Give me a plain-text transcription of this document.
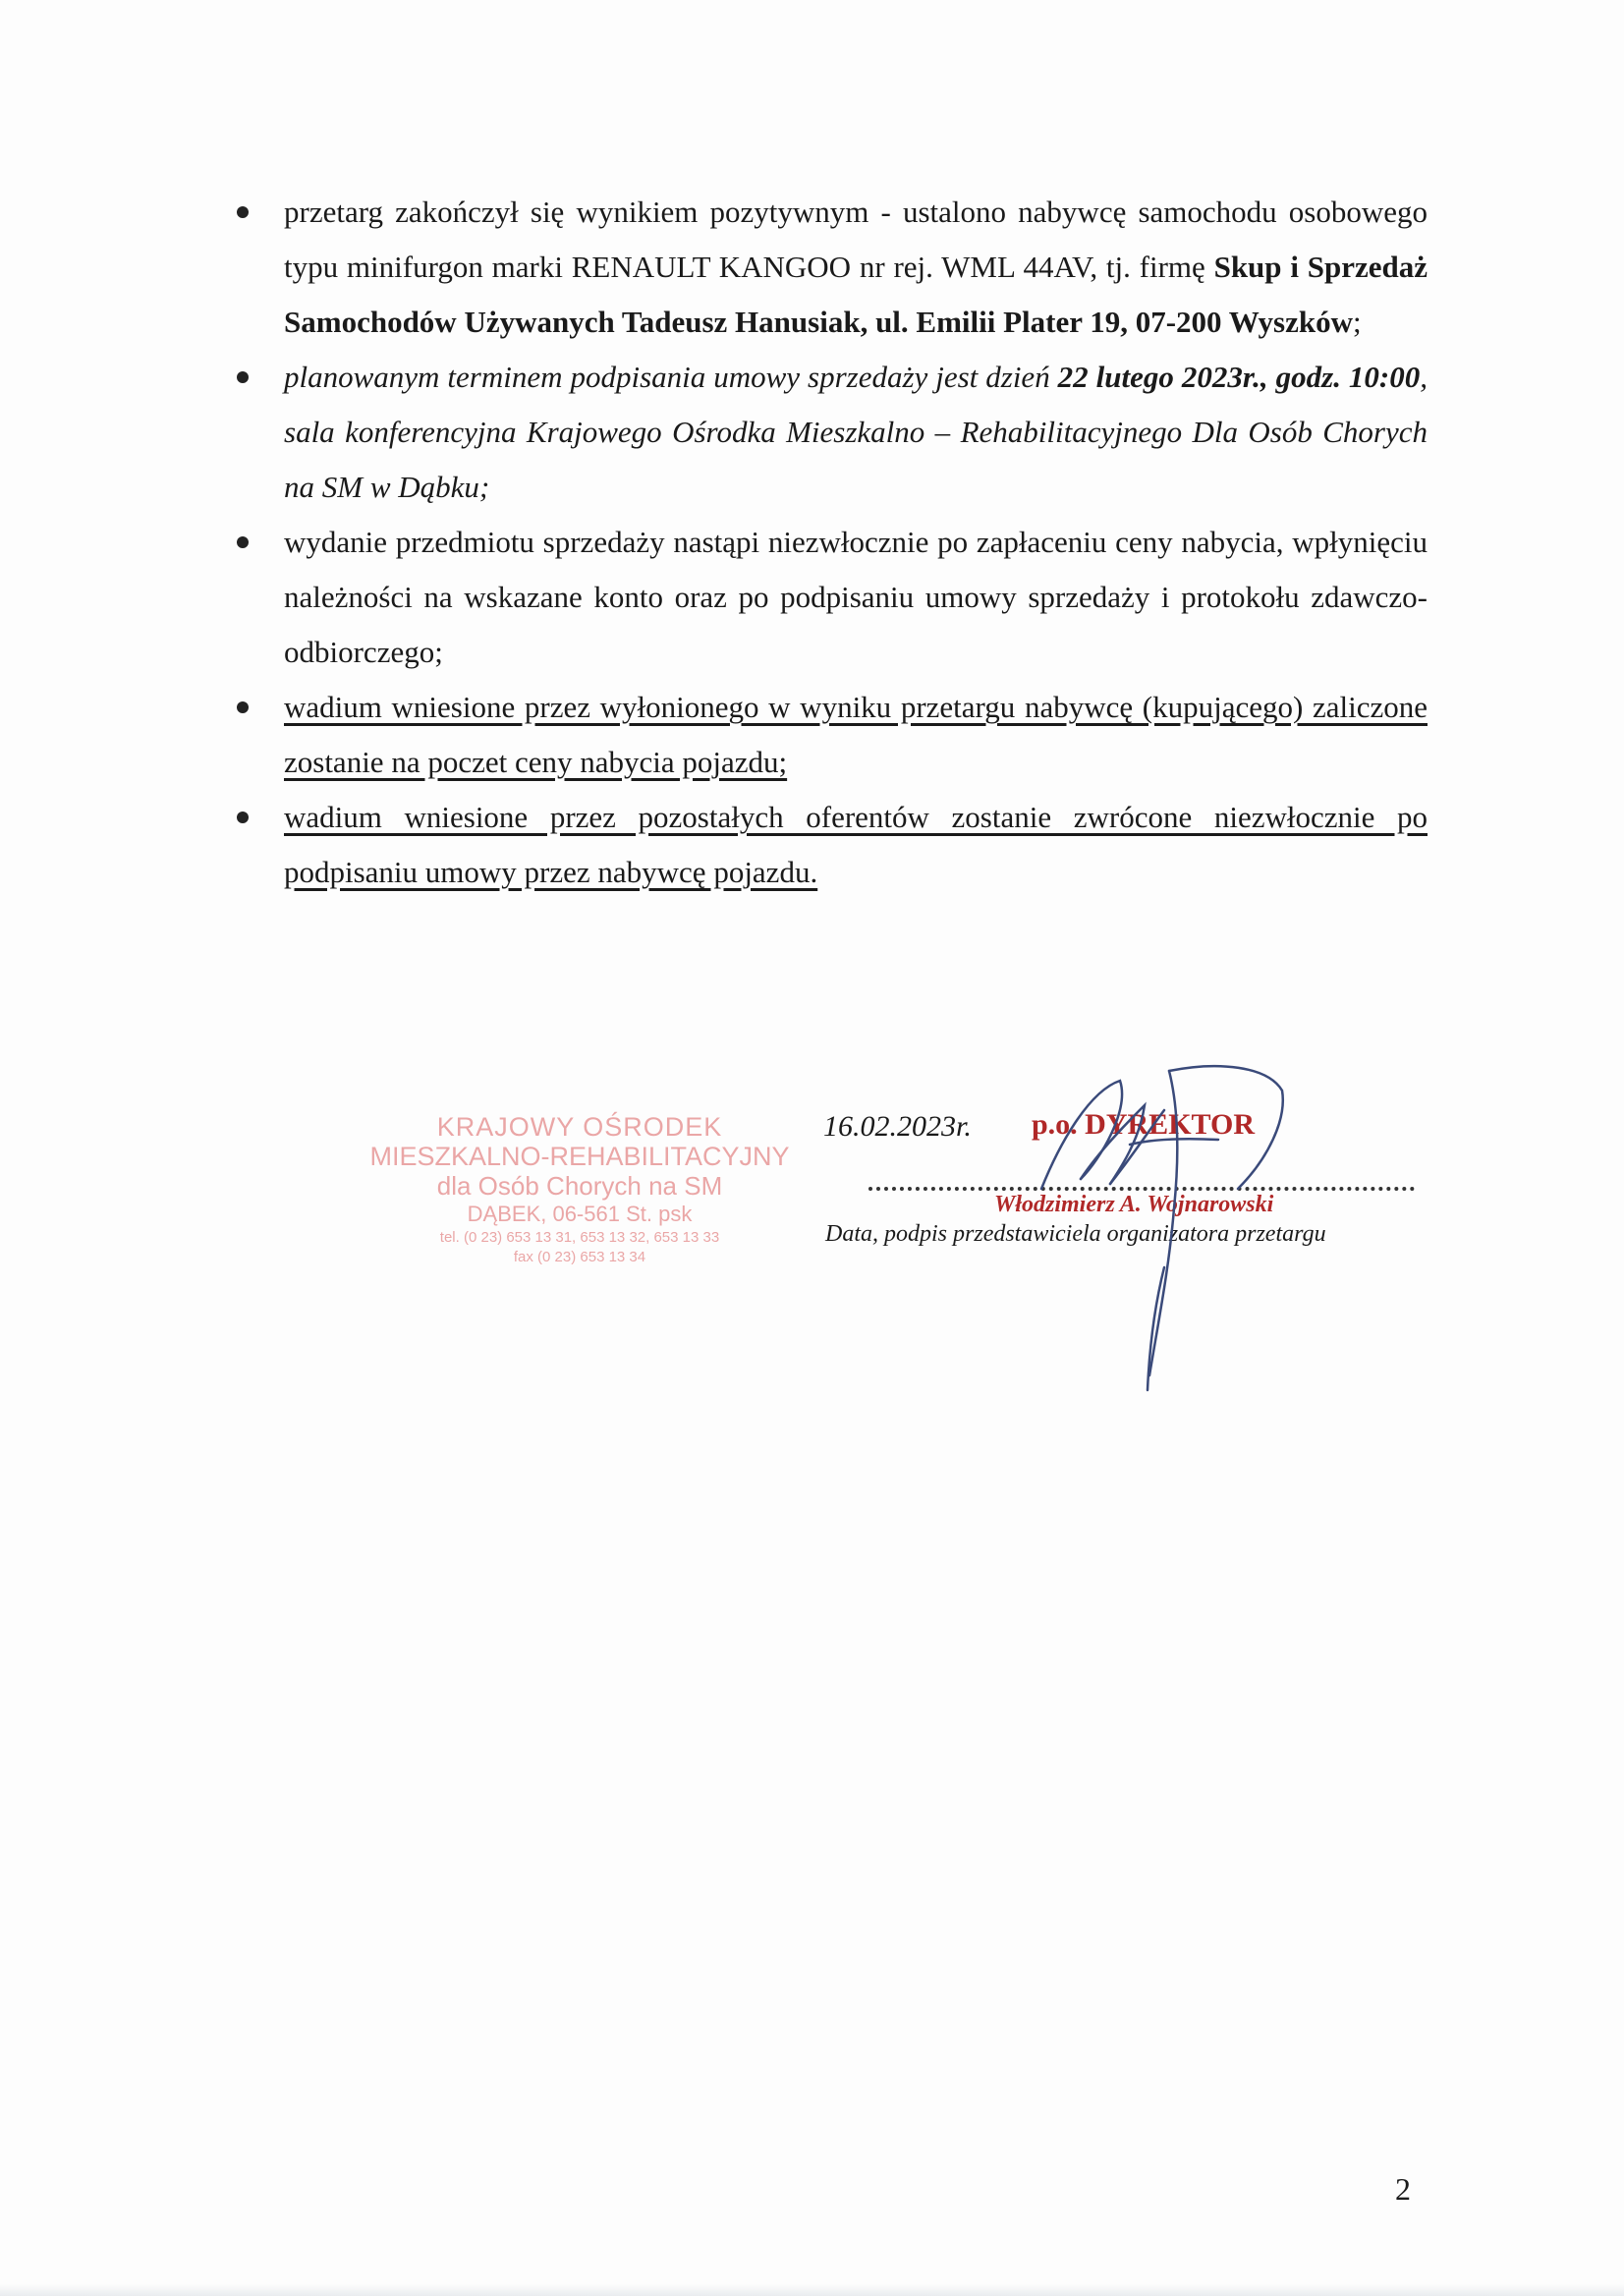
przetarg zakończył się wynikiem pozytywnym - ustalono nabywcę samochodu osobowego typu minifurgon marki RENAULT KANGOO nr rej. WML 44AV, tj. firmę Skup i Sprzedaż Samochodów Używanych Tadeusz Hanusiak, ul. Emilii Plater 19, 07-200 Wyszków;
planowanym terminem podpisania umowy sprzedaży jest dzień 22 lutego 2023r., godz. 10:00, sala konferencyjna Krajowego Ośrodka Mieszkalno – Rehabilitacyjnego Dla Osób Chorych na SM w Dąbku;
wydanie przedmiotu sprzedaży nastąpi niezwłocznie po zapłaceniu ceny nabycia, wpłynięciu należności na wskazane konto oraz po podpisaniu umowy sprzedaży i protokołu zdawczo-odbiorczego;
wadium wniesione przez wyłonionego w wyniku przetargu nabywcę (kupującego) zaliczone zostanie na poczet ceny nabycia pojazdu;
wadium wniesione przez pozostałych oferentów zostanie zwrócone niezwłocznie po podpisaniu umowy przez nabywcę pojazdu.
KRAJOWY OŚRODEK
MIESZKALNO-REHABILITACYJNY
dla Osób Chorych na SM
DĄBEK, 06-561 St. psk
tel. (0 23) 653 13 31, 653 13 32, 653 13 33
fax (0 23) 653 13 34
16.02.2023r. p.o. DYREKTOR
Włodzimierz A. Wojnarowski
Data, podpis przedstawiciela organizatora przetargu
2
